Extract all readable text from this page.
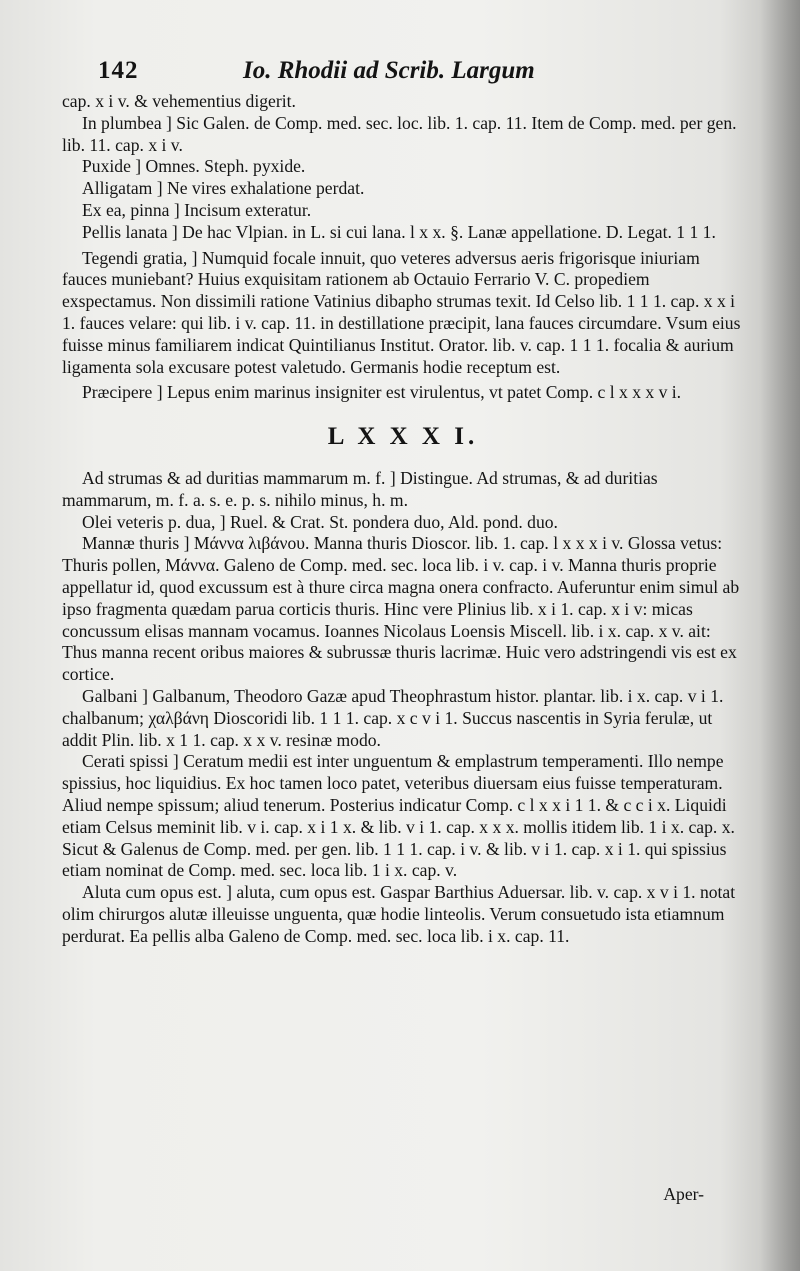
142	Io. Rhodii ad Scrib. Largum

cap. x i v. & vehementius digerit.

In plumbea ] Sic Galen. de Comp. med. sec. loc. lib. 1. cap. 11. Item de Comp. med. per gen. lib. 11. cap. x i v.

Puxide ] Omnes. Steph. pyxide.

Alligatam ] Ne vires exhalatione perdat.

Ex ea, pinna ] Incisum exteratur.

Pellis lanata ] De hac Vlpian. in L. si cui lana. l x x. §. Lanæ appellatione. D. Legat. 1 1 1.

Tegendi gratia, ] Numquid focale innuit, quo veteres adversus aeris frigorisque iniuriam fauces muniebant? Huius exquisitam rationem ab Octauio Ferrario V. C. propediem exspectamus. Non dissimili ratione Vatinius dibapho strumas texit. Id Celso lib. 1 1 1. cap. x x i 1. fauces velare: qui lib. i v. cap. 11. in destillatione præcipit, lana fauces circumdare. Vsum eius fuisse minus familiarem indicat Quintilianus Institut. Orator. lib. v. cap. 1 1 1. focalia & aurium ligamenta sola excusare potest valetudo. Germanis hodie receptum est.

Præcipere ] Lepus enim marinus insigniter est virulentus, vt patet Comp. c l x x x v i.

L X X X I.

Ad strumas & ad duritias mammarum m. f. ] Distingue. Ad strumas, & ad duritias mammarum, m. f. a. s. e. p. s. nihilo minus, h. m.

Olei veteris p. dua, ] Ruel. & Crat. St. pondera duo, Ald. pond. duo.

Mannæ thuris ] Μάννα λιβάνου. Manna thuris Dioscor. lib. 1. cap. l x x x i v. Glossa vetus: Thuris pollen, Μάννα. Galeno de Comp. med. sec. loca lib. i v. cap. i v. Manna thuris proprie appellatur id, quod excussum est à thure circa magna onera confracto. Auferuntur enim simul ab ipso fragmenta quædam parua corticis thuris. Hinc vere Plinius lib. x i 1. cap. x i v: micas concussum elisas mannam vocamus. Ioannes Nicolaus Loensis Miscell. lib. i x. cap. x v. ait: Thus manna recent oribus maiores & subrussæ thuris lacrimæ. Huic vero adstringendi vis est ex cortice.

Galbani ] Galbanum, Theodoro Gazæ apud Theophrastum histor. plantar. lib. i x. cap. v i 1. chalbanum; χαλβάνη Dioscoridi lib. 1 1 1. cap. x c v i 1. Succus nascentis in Syria ferulæ, ut addit Plin. lib. x 1 1. cap. x x v. resinæ modo.

Cerati spissi ] Ceratum medii est inter unguentum & emplastrum temperamenti. Illo nempe spissius, hoc liquidius. Ex hoc tamen loco patet, veteribus diuersam eius fuisse temperaturam. Aliud nempe spissum; aliud tenerum. Posterius indicatur Comp. c l x x i 1 1. & c c i x. Liquidi etiam Celsus meminit lib. v i. cap. x i 1 x. & lib. v i 1. cap. x x x. mollis itidem lib. 1 i x. cap. x. Sicut & Galenus de Comp. med. per gen. lib. 1 1 1. cap. i v. & lib. v i 1. cap. x i 1. qui spissius etiam nominat de Comp. med. sec. loca lib. 1 i x. cap. v.

Aluta cum opus est. ] aluta, cum opus est. Gaspar Barthius Aduersar. lib. v. cap. x v i 1. notat olim chirurgos alutæ illeuisse unguenta, quæ hodie linteolis. Verum consuetudo ista etiamnum perdurat. Ea pellis alba Galeno de Comp. med. sec. loca lib. i x. cap. 11.

Aper-
